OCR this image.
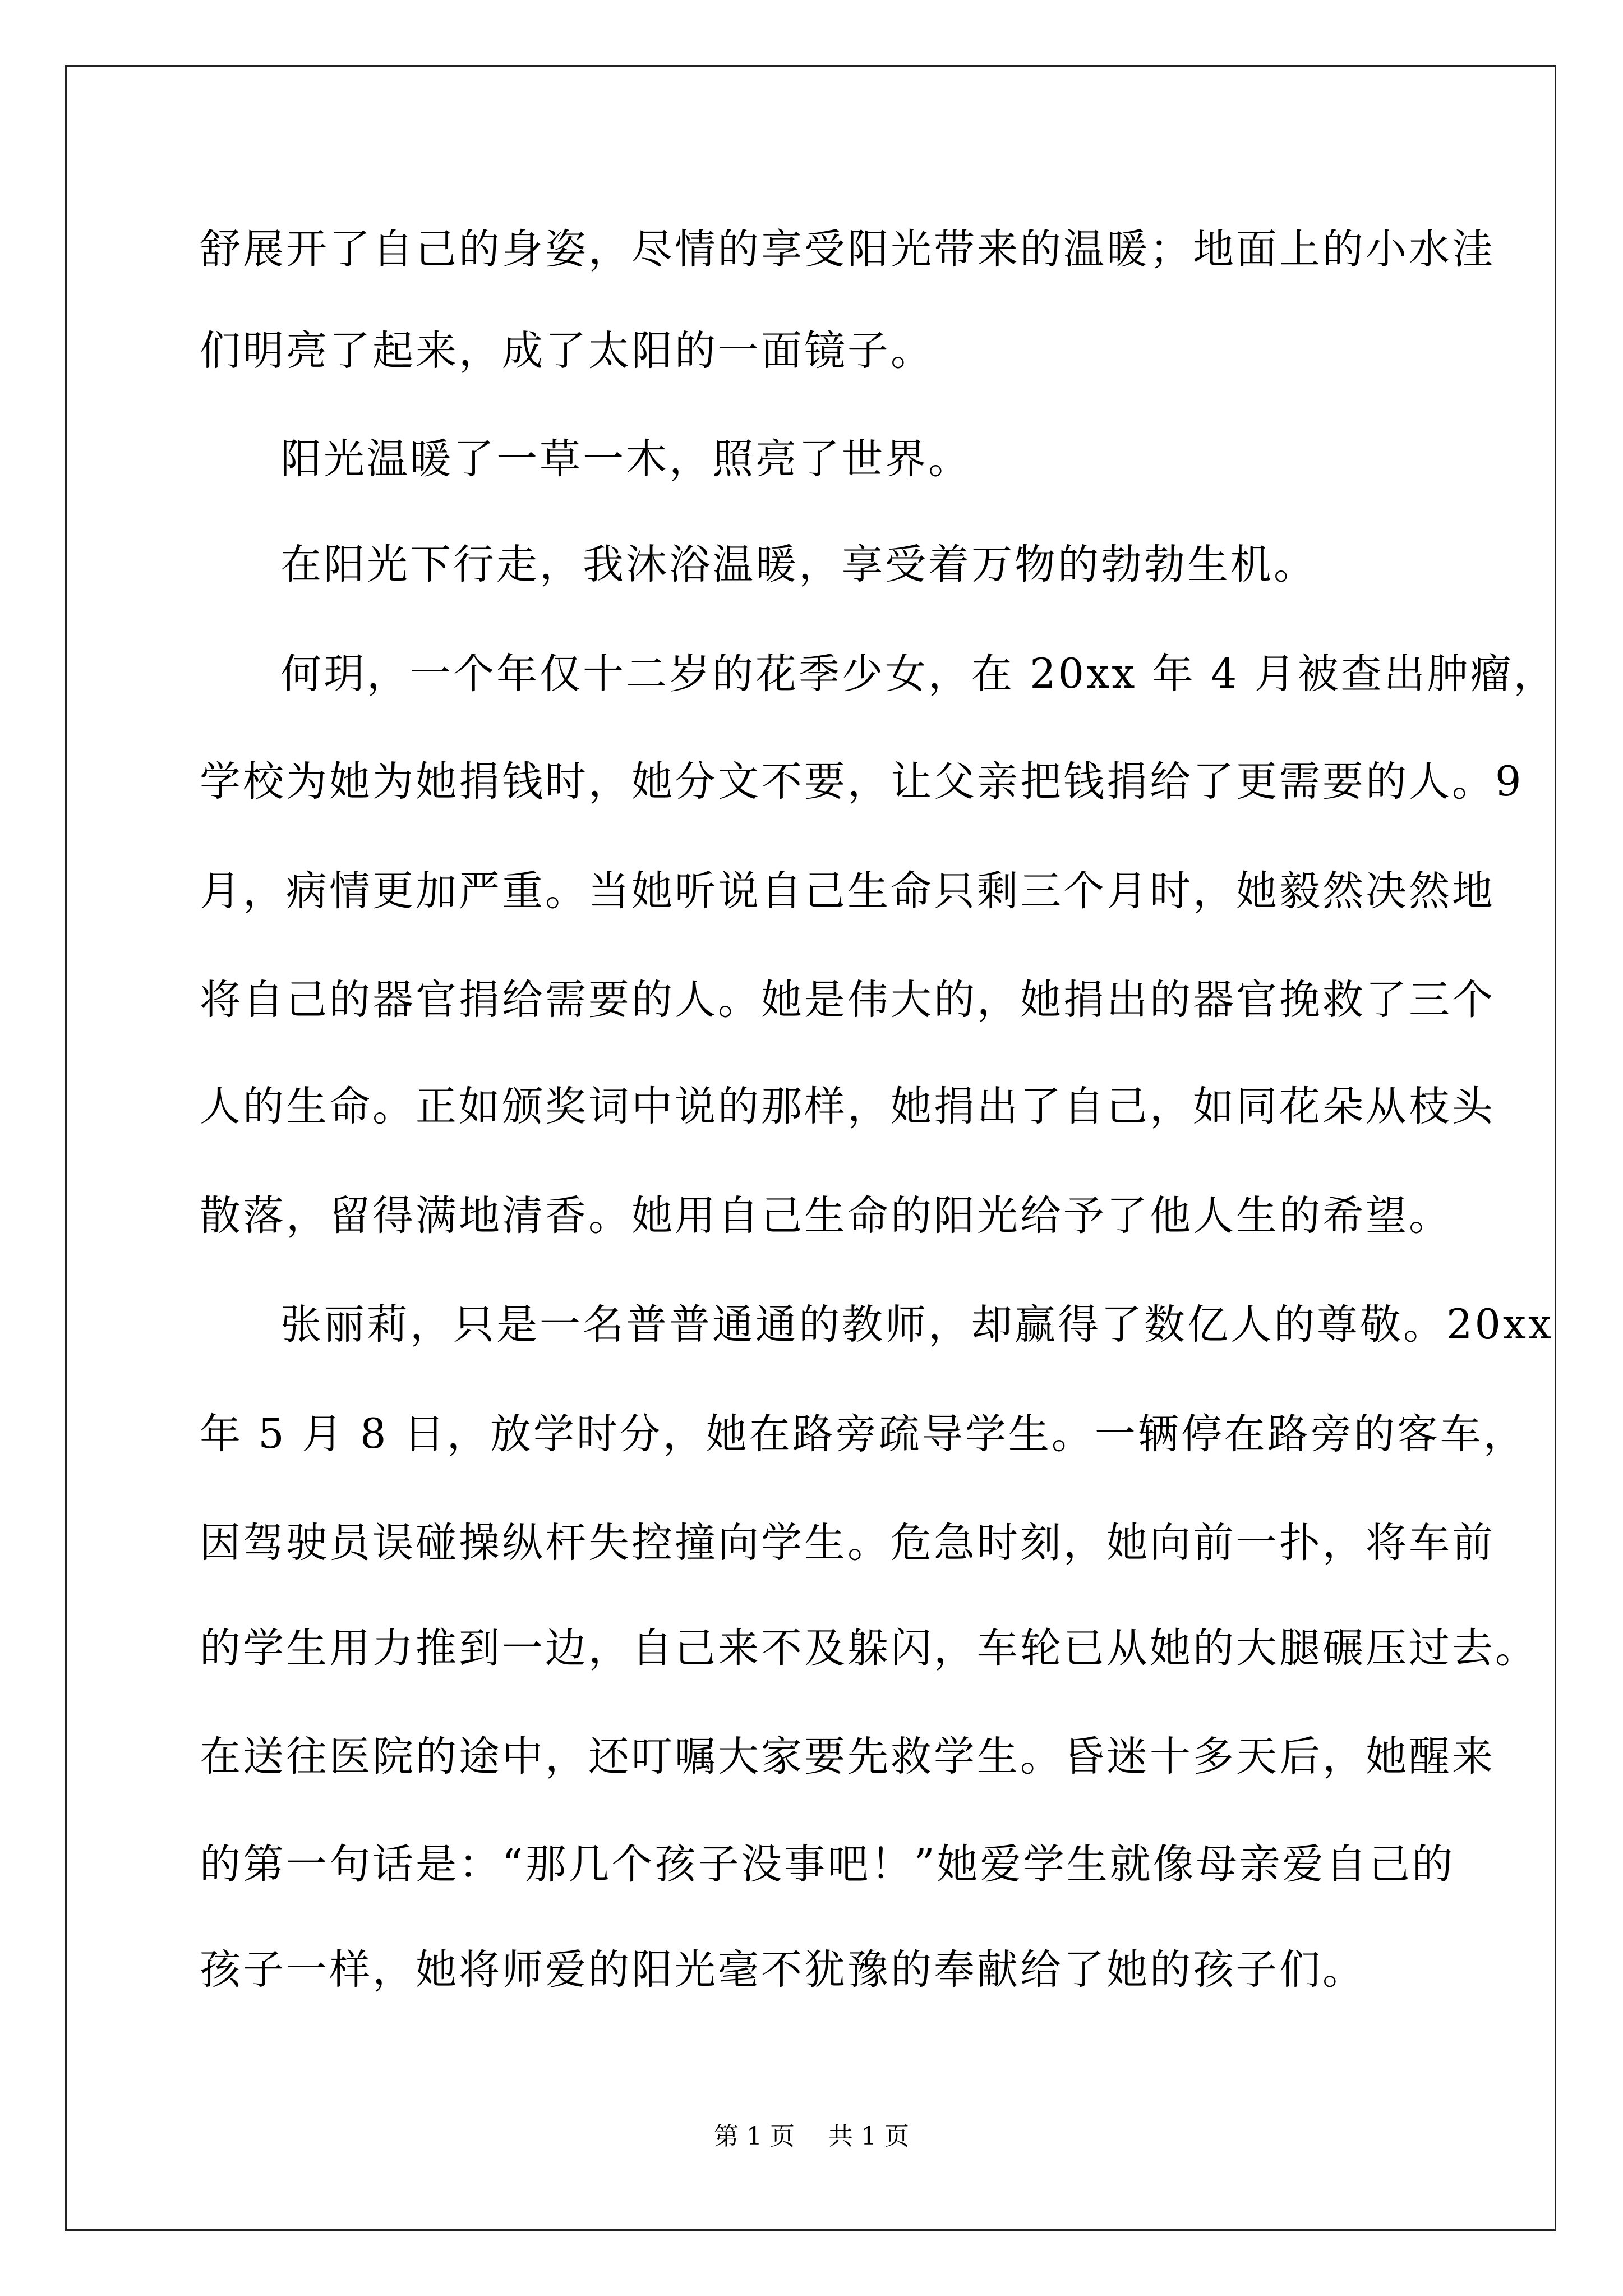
舒展开了自己的身姿，尽情的享受阳光带来的温暖；地面上的小水洼

们明亮了起来，成了太阳的一面镜子。

阳光温暖了一草一木，照亮了世界。

在阳光下行走，我沐浴温暖，享受着万物的勃勃生机。

何玥，一个年仅十二岁的花季少女，在 20xx 年 4 月被查出肿瘤，

学校为她为她捐钱时，她分文不要，让父亲把钱捐给了更需要的人。9

月，病情更加严重。当她听说自己生命只剩三个月时，她毅然决然地

将自己的器官捐给需要的人。她是伟大的，她捐出的器官挽救了三个

人的生命。正如颁奖词中说的那样，她捐出了自己，如同花朵从枝头

散落，留得满地清香。她用自己生命的阳光给予了他人生的希望。

张丽莉，只是一名普普通通的教师，却赢得了数亿人的尊敬。20xx

年 5 月 8 日，放学时分，她在路旁疏导学生。一辆停在路旁的客车，

因驾驶员误碰操纵杆失控撞向学生。危急时刻，她向前一扑，将车前

的学生用力推到一边，自己来不及躲闪，车轮已从她的大腿碾压过去。

在送往医院的途中，还叮嘱大家要先救学生。昏迷十多天后，她醒来

的第一句话是：“那几个孩子没事吧！”她爱学生就像母亲爱自己的

孩子一样，她将师爱的阳光毫不犹豫的奉献给了她的孩子们。

第 1 页 共 1 页
